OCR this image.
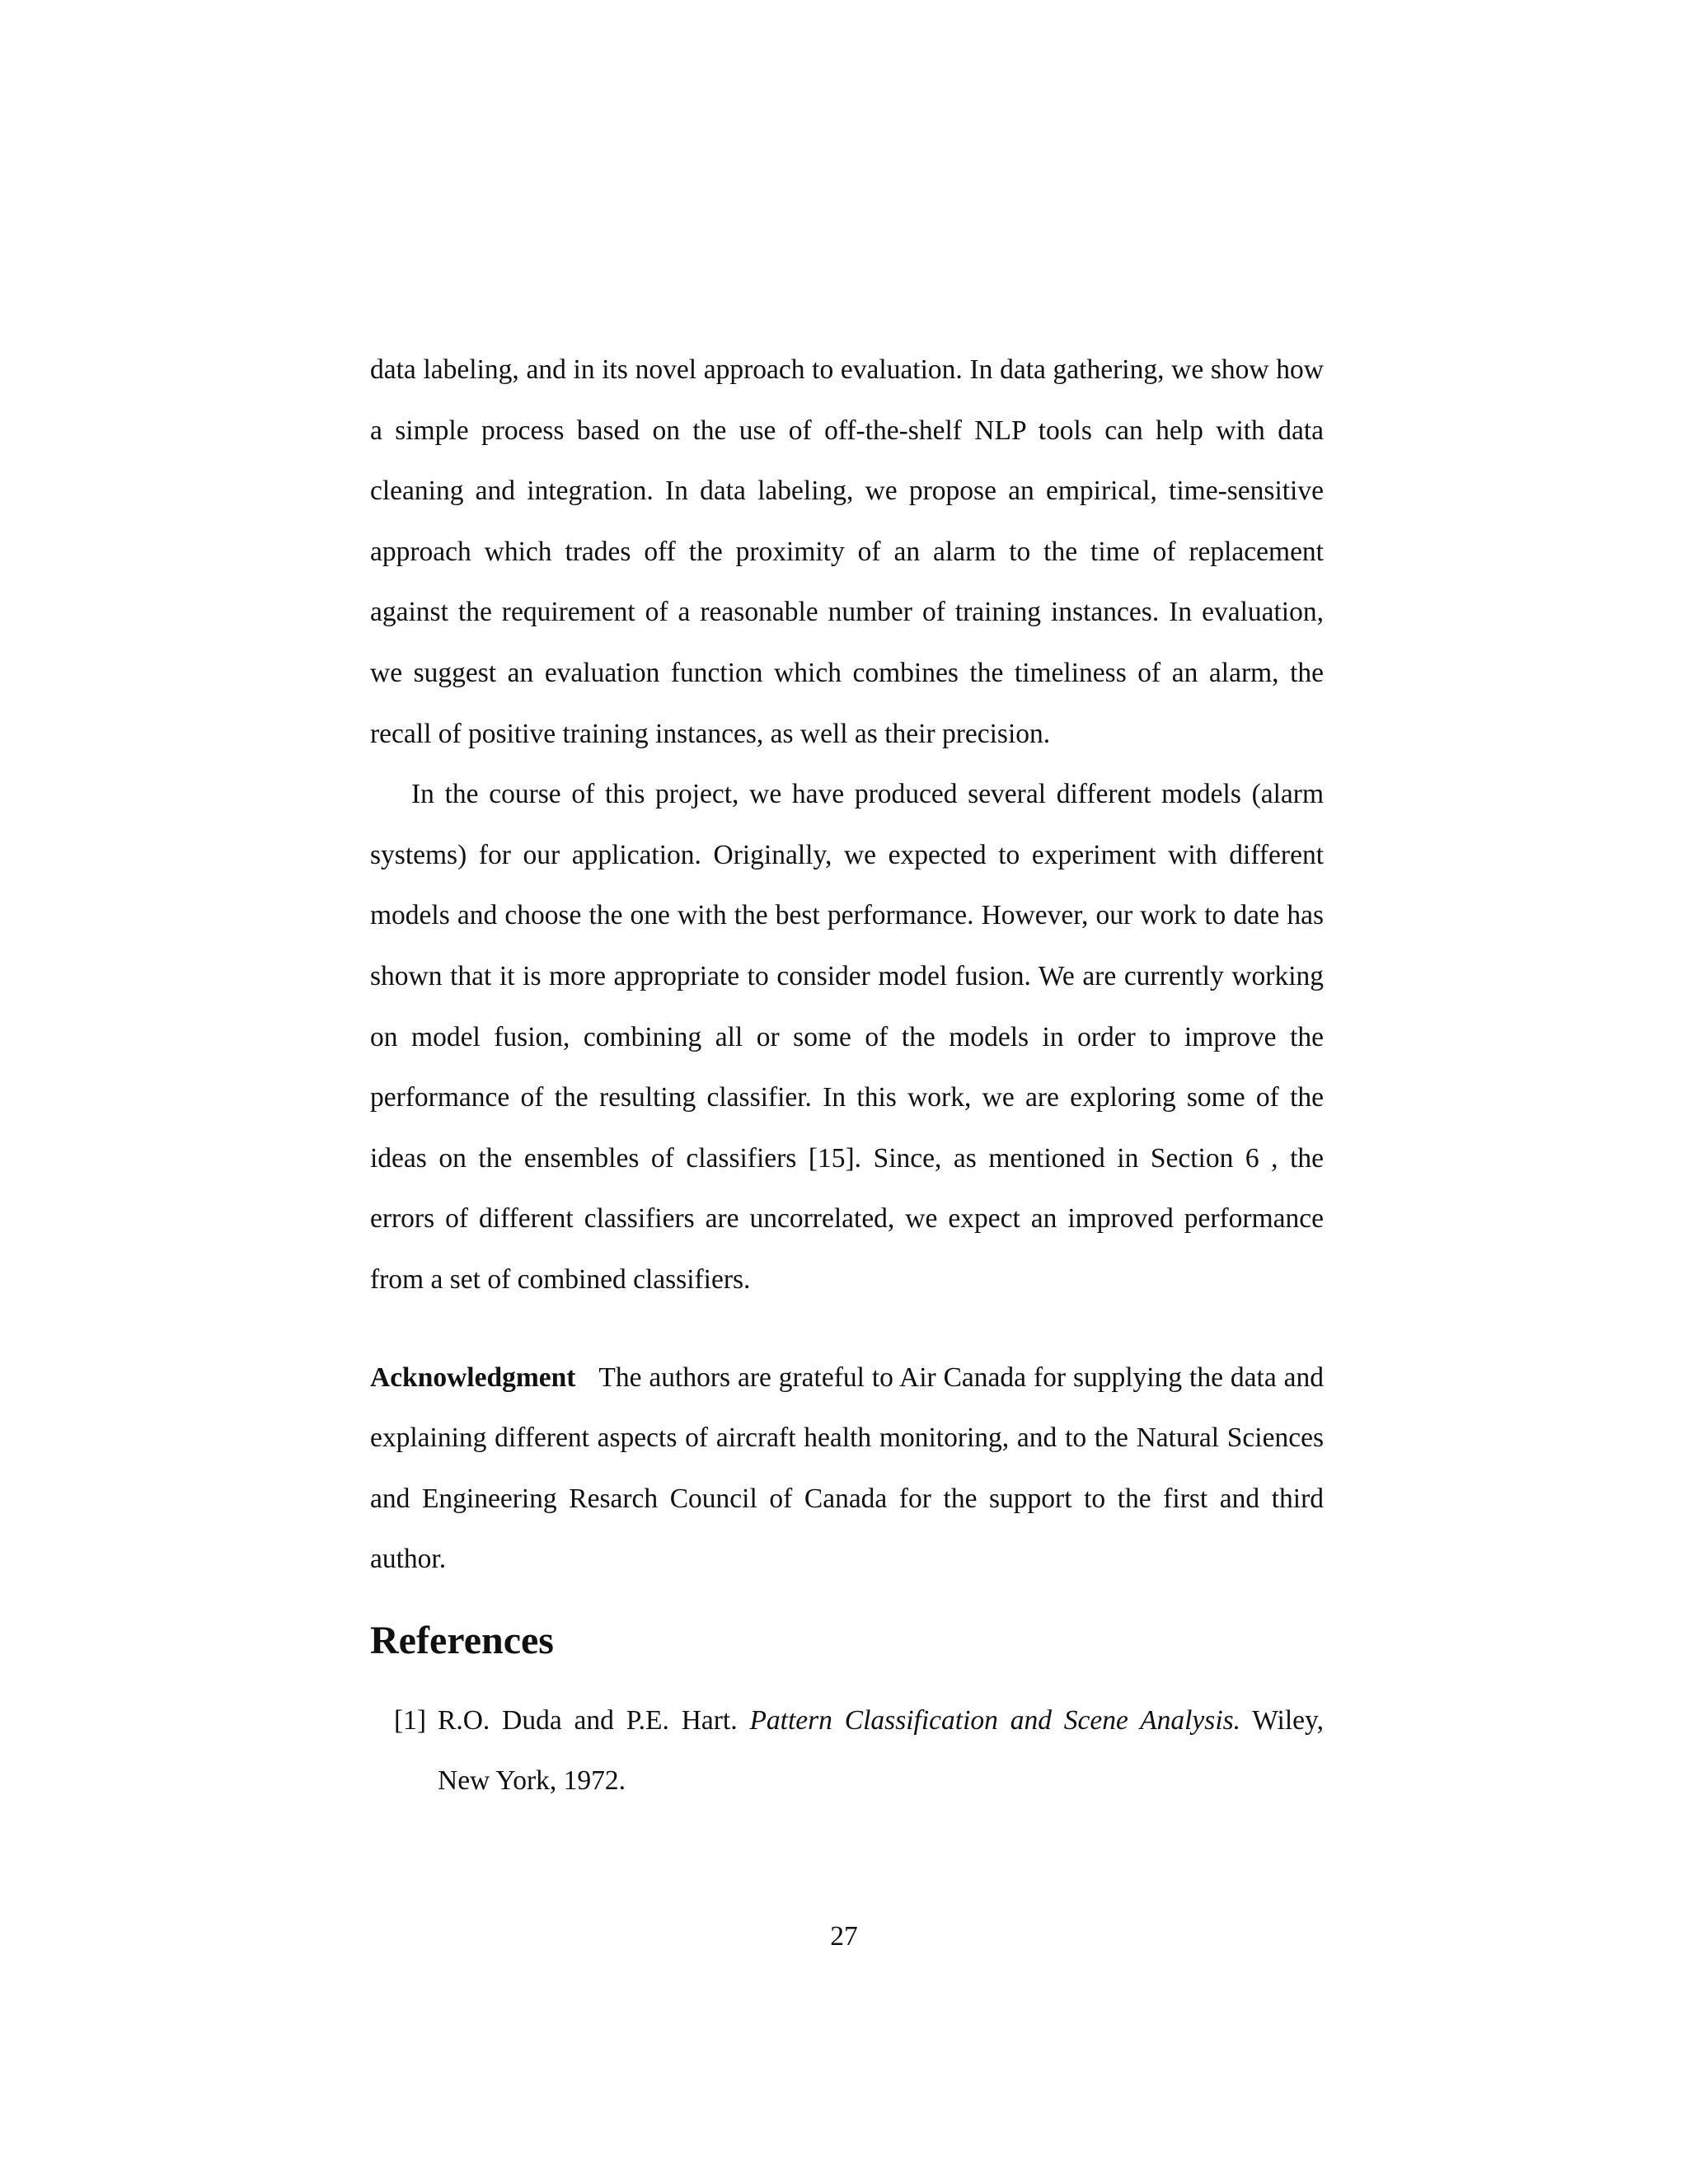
data labeling, and in its novel approach to evaluation. In data gathering, we show how a simple process based on the use of off-the-shelf NLP tools can help with data cleaning and integration. In data labeling, we propose an empirical, time-sensitive approach which trades off the proximity of an alarm to the time of replacement against the requirement of a reasonable number of training instances. In evaluation, we suggest an evaluation function which combines the timeliness of an alarm, the recall of positive training instances, as well as their precision.

In the course of this project, we have produced several different models (alarm systems) for our application. Originally, we expected to experiment with different models and choose the one with the best performance. However, our work to date has shown that it is more appropriate to consider model fusion. We are currently working on model fusion, combining all or some of the models in order to improve the performance of the resulting classifier. In this work, we are exploring some of the ideas on the ensembles of classifiers [15]. Since, as mentioned in Section 6 , the errors of different classifiers are uncorrelated, we expect an improved performance from a set of combined classifiers.

Acknowledgment The authors are grateful to Air Canada for supplying the data and explaining different aspects of aircraft health monitoring, and to the Natural Sciences and Engineering Resarch Council of Canada for the support to the first and third author.

References
[1] R.O. Duda and P.E. Hart. Pattern Classification and Scene Analysis. Wiley, New York, 1972.
27
